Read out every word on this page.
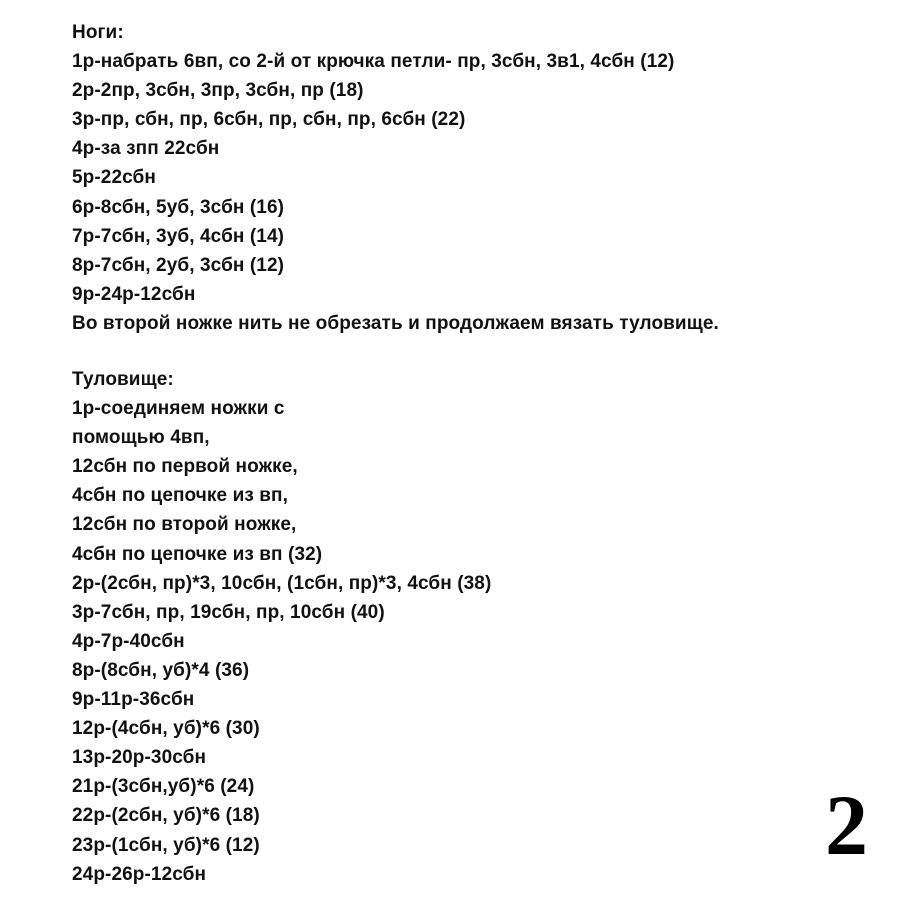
Ноги:
1р-набрать 6вп, со 2-й от крючка петли- пр, 3сбн, 3в1, 4сбн (12)
2р-2пр, 3сбн, 3пр, 3сбн, пр (18)
3р-пр, сбн, пр, 6сбн, пр, сбн, пр, 6сбн (22)
4р-за зпп 22сбн
5р-22сбн
6р-8сбн, 5уб, 3сбн (16)
7р-7сбн, 3уб, 4сбн (14)
8р-7сбн, 2уб, 3сбн (12)
9р-24р-12сбн
Во второй ножке нить не обрезать и продолжаем вязать туловище.
Туловище:
1р-соединяем ножки с
помощью 4вп,
12сбн по первой ножке,
4сбн по цепочке из вп,
12сбн по второй ножке,
4сбн по цепочке из вп (32)
2р-(2сбн, пр)*3, 10сбн, (1сбн, пр)*3, 4сбн (38)
3р-7сбн, пр, 19сбн, пр, 10сбн (40)
4р-7р-40сбн
8р-(8сбн, уб)*4 (36)
9р-11р-36сбн
12р-(4сбн, уб)*6 (30)
13р-20р-30сбн
21р-(3сбн,уб)*6 (24)
22р-(2сбн, уб)*6 (18)
23р-(1сбн, уб)*6 (12)
24р-26р-12сбн
2
